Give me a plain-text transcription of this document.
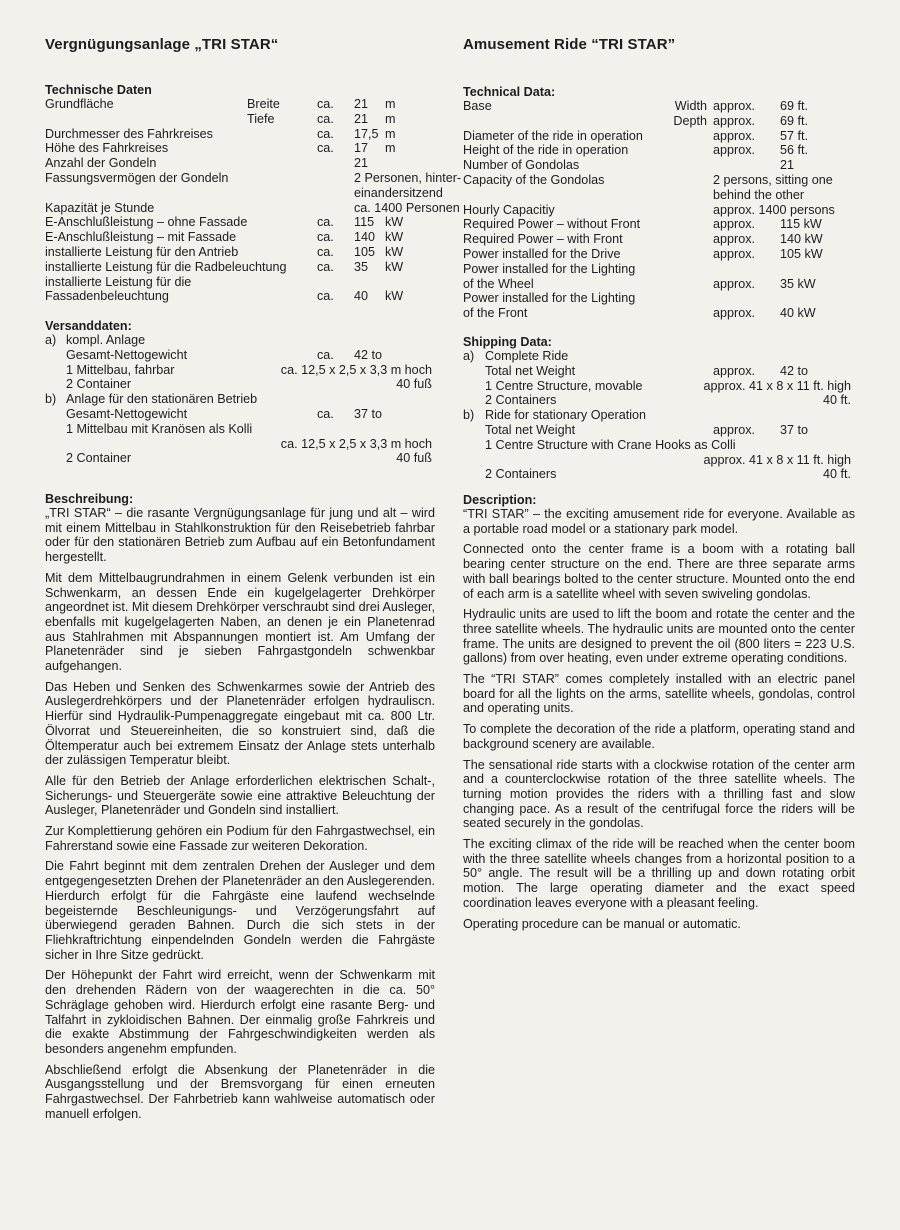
Vergnügungsanlage „TRI STAR“
Technische Daten
Grundfläche	Breite	ca. 21 m
Tiefe	ca. 21 m
Durchmesser des Fahrkreises	ca. 17,5 m
Höhe des Fahrkreises	ca. 17 m
Anzahl der Gondeln	21
Fassungsvermögen der Gondeln	2 Personen, hinter-
einandersitzend
Kapazität je Stunde	ca. 1400 Personen
E-Anschlußleistung – ohne Fassade	ca. 115 kW
E-Anschlußleistung – mit Fassade	ca. 140 kW
installierte Leistung für den Antrieb	ca. 105 kW
installierte Leistung für die Radbeleuchtung ca. 35 kW
installierte Leistung für die
Fassadenbeleuchtung	ca. 40 kW
Versanddaten:
a) kompl. Anlage
Gesamt-Nettogewicht	ca. 42 to
1 Mittelbau, fahrbar	ca. 12,5 x 2,5 x 3,3 m hoch
2 Container	40 fuß
b) Anlage für den stationären Betrieb
Gesamt-Nettogewicht	ca. 37 to
1 Mittelbau mit Kranösen als Kolli
ca. 12,5 x 2,5 x 3,3 m hoch
2 Container	40 fuß
Beschreibung:

„TRI STAR“ – die rasante Vergnügungsanlage für jung und alt – wird mit einem Mittelbau in Stahlkonstruktion für den Reisebetrieb fahrbar oder für den stationären Betrieb zum Aufbau auf ein Betonfundament hergestellt.

Mit dem Mittelbaugrundrahmen in einem Gelenk verbunden ist ein Schwenkarm, an dessen Ende ein kugelgelagerter Drehkörper angeordnet ist. Mit diesem Drehkörper verschraubt sind drei Ausleger, ebenfalls mit kugelgelagerten Naben, an denen je ein Planetenrad aus Stahlrahmen mit Abspannungen montiert ist. Am Umfang der Planetenräder sind je sieben Fahrgastgondeln schwenkbar aufgehangen.

Das Heben und Senken des Schwenkarmes sowie der Antrieb des Auslegerdrehkörpers und der Planetenräder erfolgen hydrauliscn. Hierfür sind Hydraulik-Pumpenaggregate eingebaut mit ca. 800 Ltr. Ölvorrat und Steuereinheiten, die so konstruiert sind, daß die Öltemperatur auch bei extremem Einsatz der Anlage stets unterhalb der zulässigen Temperatur bleibt.

Alle für den Betrieb der Anlage erforderlichen elektrischen Schalt-, Sicherungs- und Steuergeräte sowie eine attraktive Beleuchtung der Ausleger, Planetenräder und Gondeln sind installiert.

Zur Komplettierung gehören ein Podium für den Fahrgastwechsel, ein Fahrerstand sowie eine Fassade zur weiteren Dekoration.

Die Fahrt beginnt mit dem zentralen Drehen der Ausleger und dem entgegengesetzten Drehen der Planetenräder an den Auslegerenden. Hierdurch erfolgt für die Fahrgäste eine laufend wechselnde begeisternde Beschleunigungs- und Verzögerungsfahrt auf überwiegend geraden Bahnen. Durch die sich stets in der Fliehkraftrichtung einpendelnden Gondeln werden die Fahrgäste sicher in Ihre Sitze gedrückt.

Der Höhepunkt der Fahrt wird erreicht, wenn der Schwenkarm mit den drehenden Rädern von der waagerechten in die ca. 50° Schräglage gehoben wird. Hierdurch erfolgt eine rasante Berg- und Talfahrt in zykloidischen Bahnen. Der einmalig große Fahrkreis und die exakte Abstimmung der Fahrgeschwindigkeiten werden als besonders angenehm empfunden.

Abschließend erfolgt die Absenkung der Planetenräder in die Ausgangsstellung und der Bremsvorgang für einen erneuten Fahrgastwechsel. Der Fahrbetrieb kann wahlweise automatisch oder manuell erfolgen.

Amusement Ride “TRI STAR”
Technical Data:
Base	Width approx. 69 ft.
Depth approx. 69 ft.
Diameter of the ride in operation	approx. 57 ft.
Height of the ride in operation	approx. 56 ft.
Number of Gondolas	21
Capacity of the Gondolas	2 persons, sitting one
behind the other
Hourly Capacitiy	approx. 1400 persons
Required Power – without Front	approx. 115 kW
Required Power – with Front	approx. 140 kW
Power installed for the Drive	approx. 105 kW
Power installed for the Lighting
of the Wheel	approx. 35 kW
Power installed for the Lighting
of the Front	approx. 40 kW
Shipping Data:
a) Complete Ride
Total net Weight	approx. 42 to
1 Centre Structure, movable	approx. 41 x 8 x 11 ft. high
2 Containers	40 ft.
b) Ride for stationary Operation
Total net Weight	approx. 37 to
1 Centre Structure with Crane Hooks as Colli
approx. 41 x 8 x 11 ft. high
2 Containers	40 ft.
Description:

“TRI STAR” – the exciting amusement ride for everyone. Available as a portable road model or a stationary park model.

Connected onto the center frame is a boom with a rotating ball bearing center structure on the end. There are three separate arms with ball bearings bolted to the center structure. Mounted onto the end of each arm is a satellite wheel with seven swiveling gondolas.

Hydraulic units are used to lift the boom and rotate the center and the three satellite wheels. The hydraulic units are mounted onto the center frame. The units are designed to prevent the oil (800 liters = 223 U.S. gallons) from over heating, even under extreme operating conditions.

The “TRI STAR” comes completely installed with an electric panel board for all the lights on the arms, satellite wheels, gondolas, control and operating units.

To complete the decoration of the ride a platform, operating stand and background scenery are available.

The sensational ride starts with a clockwise rotation of the center arm and a counterclockwise rotation of the three satellite wheels. The turning motion provides the riders with a thrilling fast and slow changing pace. As a result of the centrifugal force the riders will be seated securely in the gondolas.

The exciting climax of the ride will be reached when the center boom with the three satellite wheels changes from a horizontal position to a 50° angle. The result will be a thrilling up and down rotating orbit motion. The large operating diameter and the exact speed coordination leaves everyone with a pleasant feeling.

Operating procedure can be manual or automatic.
